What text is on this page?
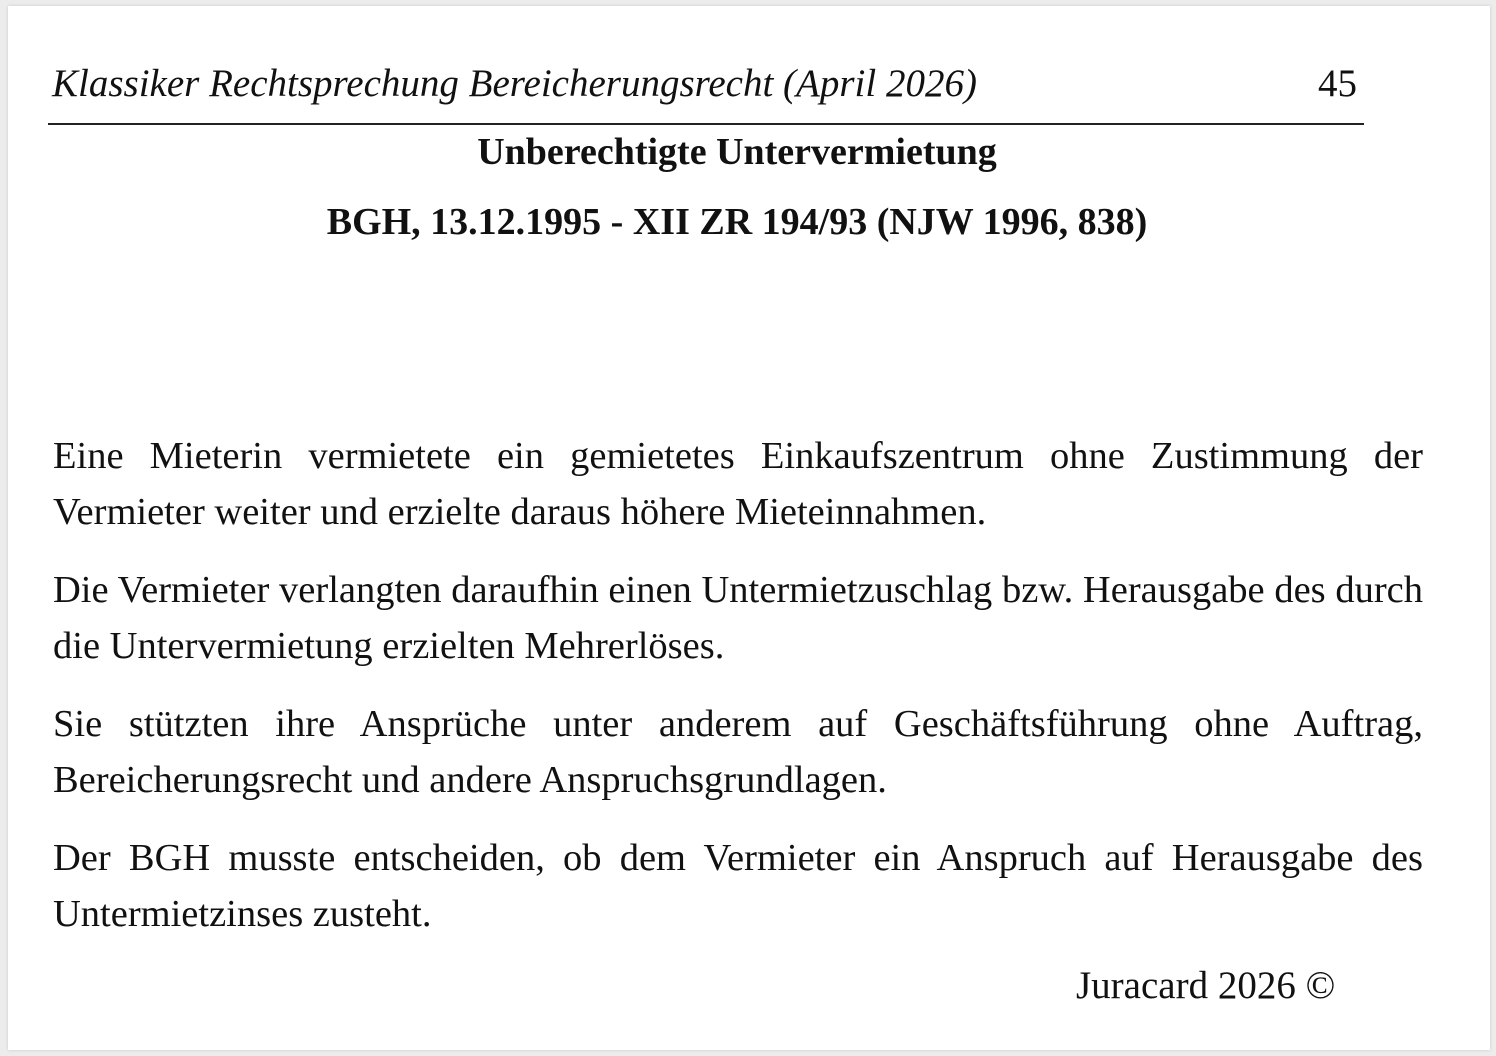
Klassiker Rechtsprechung Bereicherungsrecht (April 2026)	45
Unberechtigte Untervermietung
BGH, 13.12.1995 - XII ZR 194/93 (NJW 1996, 838)
Eine Mieterin vermietete ein gemietetes Einkaufszentrum ohne Zustimmung der Vermieter weiter und erzielte daraus höhere Mieteinnahmen.
Die Vermieter verlangten daraufhin einen Untermietzuschlag bzw. Herausgabe des durch die Untervermietung erzielten Mehrerlöses.
Sie stützten ihre Ansprüche unter anderem auf Geschäftsführung ohne Auftrag, Bereicherungsrecht und andere Anspruchsgrundlagen.
Der BGH musste entscheiden, ob dem Vermieter ein Anspruch auf Herausgabe des Untermietzinses zusteht.
Juracard 2026 ©
